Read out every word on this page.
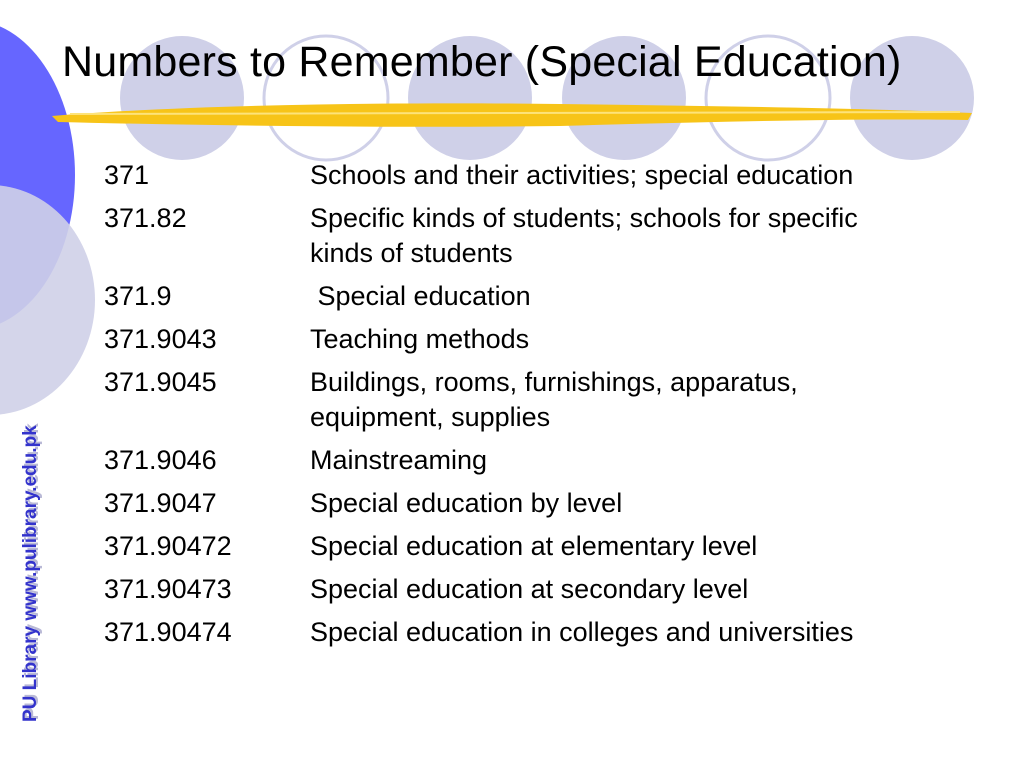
Numbers to Remember (Special Education)
PU Library www.pulibrary.edu.pk
371	Schools and their activities; special education
371.82	Specific kinds of students; schools for specific kinds of students
371.9	Special education
371.9043	Teaching methods
371.9045	Buildings, rooms, furnishings, apparatus, equipment, supplies
371.9046	Mainstreaming
371.9047	Special education by level
371.90472	Special education at elementary level
371.90473	Special education at secondary level
371.90474	Special education in colleges and universities
